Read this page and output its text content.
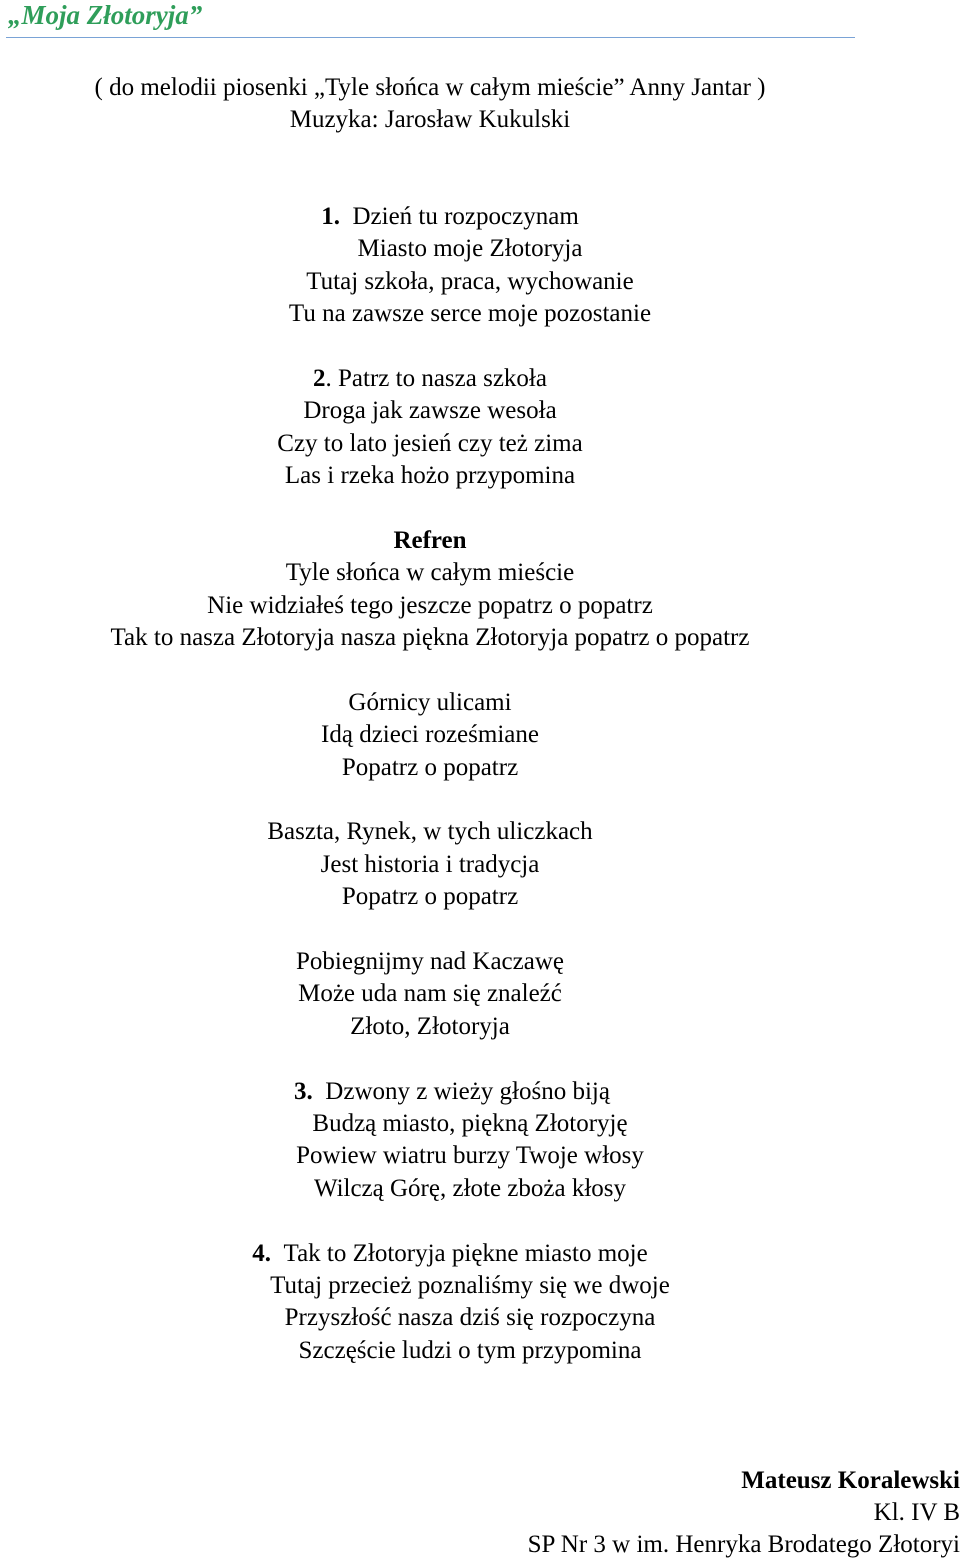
„Moja Złotoryja”
( do melodii piosenki „Tyle słońca w całym mieście” Anny Jantar )
Muzyka: Jarosław Kukulski
1. Dzień tu rozpoczynam
Miasto moje Złotoryja
Tutaj szkoła, praca, wychowanie
Tu na zawsze serce moje pozostanie
2. Patrz to nasza szkoła
Droga jak zawsze wesoła
Czy to lato jesień czy też zima
Las i rzeka hożo przypomina
Refren
Tyle słońca w całym mieście
Nie widziałeś tego jeszcze popatrz o popatrz
Tak to nasza Złotoryja nasza piękna Złotoryja popatrz o popatrz
Górnicy ulicami
Idą dzieci roześmiane
Popatrz o popatrz
Baszta, Rynek, w tych uliczkach
Jest historia i tradycja
Popatrz o popatrz
Pobiegnijmy nad Kaczawę
Może uda nam się znaleźć
Złoto, Złotoryja
3. Dzwony z wieży głośno biją
Budzą miasto, piękną Złotoryję
Powiew wiatru burzy Twoje włosy
Wilczą Górę, złote zboża kłosy
4. Tak to Złotoryja piękne miasto moje
Tutaj przecież poznaliśmy się we dwoje
Przyszłość nasza dziś się rozpoczyna
Szczęście ludzi o tym przypomina
Mateusz Koralewski
Kl. IV B
SP Nr 3 w im. Henryka Brodatego Złotoryi
